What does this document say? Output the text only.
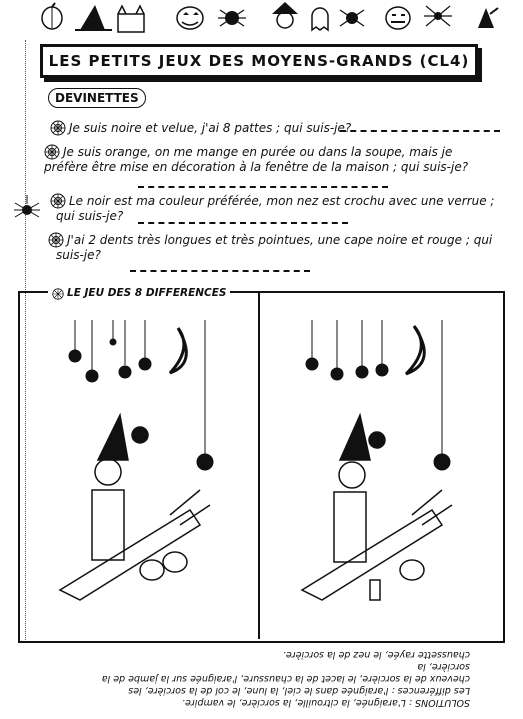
LES PETITS JEUX DES MOYENS-GRANDS (CL4)
DEVINETTES
Je suis noire et velue, j'ai 8 pattes ; qui suis-je?
Je suis orange, on me mange en purée ou dans la soupe, mais je
préfère être mise en décoration à la fenêtre de la maison ; qui suis-je?
Le noir est ma couleur préférée, mon nez est crochu avec une verrue ;
qui suis-je?
J'ai 2 dents très longues et très pointues, une cape noire et rouge ; qui
suis-je?
LE JEU DES 8 DIFFERENCES
SOLUTIONS : L'araignée, la citrouille, la sorcière, le vampire.
Les différences : l'araignée dans le ciel, la lune, le col de la sorcière, les
cheveux de la sorcière, le lacet de la chaussure, l'araignée sur la jambe de la sorcière, la
chaussette rayée, le nez de la sorcière.
